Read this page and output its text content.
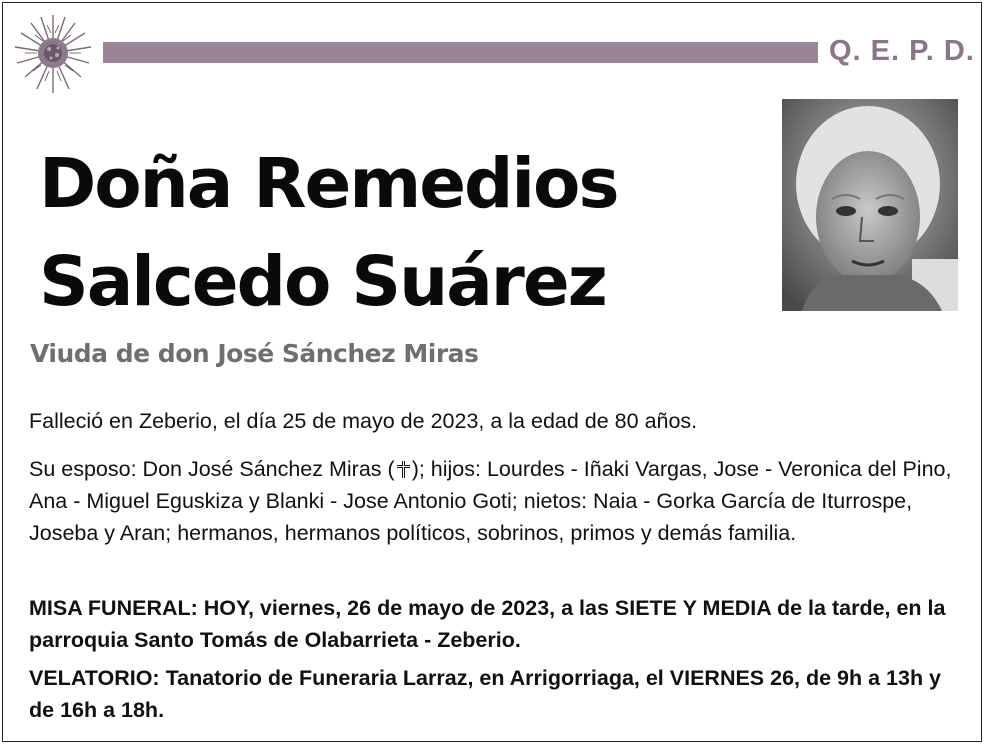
Q. E. P. D.
Doña Remedios
Salcedo Suárez
Viuda de don José Sánchez Miras
Falleció en Zeberio, el día 25 de mayo de 2023, a la edad de 80 años.
Su esposo: Don José Sánchez Miras ( ); hijos: Lourdes - Iñaki Vargas, Jose - Veronica del Pino, Ana - Miguel Eguskiza y Blanki - Jose Antonio Goti; nietos: Naia - Gorka García de Iturrospe, Joseba y Aran; hermanos, hermanos políticos, sobrinos, primos y demás familia.
MISA FUNERAL: HOY, viernes, 26 de mayo de 2023, a las SIETE Y MEDIA de la tarde, en la parroquia Santo Tomás de Olabarrieta - Zeberio.
VELATORIO: Tanatorio de Funeraria Larraz, en Arrigorriaga, el VIERNES 26, de 9h a 13h y de 16h a 18h.
